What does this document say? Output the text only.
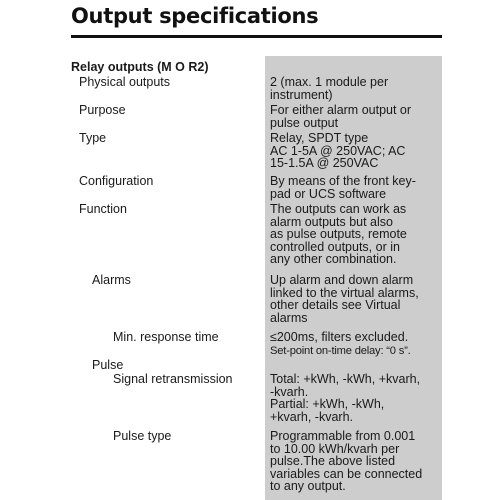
Output specifications
Relay outputs (M O R2)
Physical outputs	2 (max. 1 module per
instrument)
Purpose	For either alarm output or
pulse output
Type	Relay, SPDT type
AC 1-5A @ 250VAC; AC
15-1.5A @ 250VAC
Configuration	By means of the front key-
pad or UCS software
Function	The outputs can work as
alarm outputs but also
as pulse outputs, remote
controlled outputs, or in
any other combination.
Alarms	Up alarm and down alarm
linked to the virtual alarms,
other details see Virtual
alarms
Min. response time	≤200ms, filters excluded.
Set-point on-time delay: “0 s”.
Pulse
Signal retransmission	Total: +kWh, -kWh, +kvarh,
-kvarh.
Partial: +kWh, -kWh,
+kvarh, -kvarh.
Pulse type	Programmable from 0.001
to 10.00 kWh/kvarh per
pulse.The above listed
variables can be connected
to any output.
